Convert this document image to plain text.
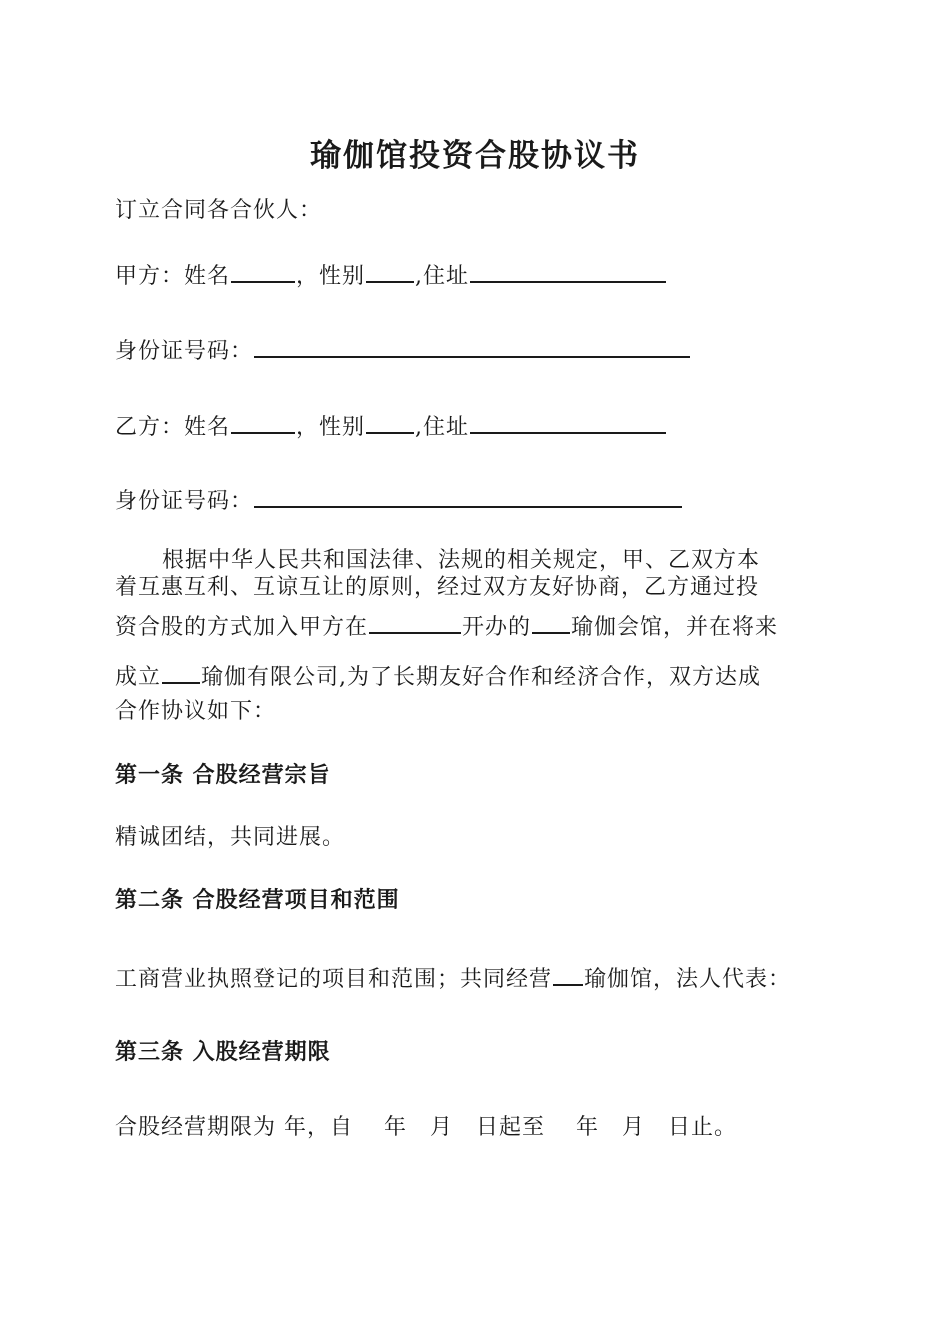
瑜伽馆投资合股协议书
订立合同各合伙人：
甲方：姓名	，性别 ,住址
身份证号码：
乙方：姓名	，性别 ,住址
身份证号码：
根据中华人民共和国法律、法规的相关规定，甲、乙双方本
着互惠互利、互谅互让的原则，经过双方友好协商，乙方通过投
资合股的方式加入甲方在	开办的 瑜伽会馆，并在将来
成立 瑜伽有限公司,为了长期友好合作和经济合作，双方达成
合作协议如下：
第一条 合股经营宗旨
精诚团结，共同进展。
第二条 合股经营项目和范围
工商营业执照登记的项目和范围；共同经营 瑜伽馆，法人代表：
第三条 入股经营期限
合股经营期限为 年，自　 年　月　日起至　 年　月　日止。
